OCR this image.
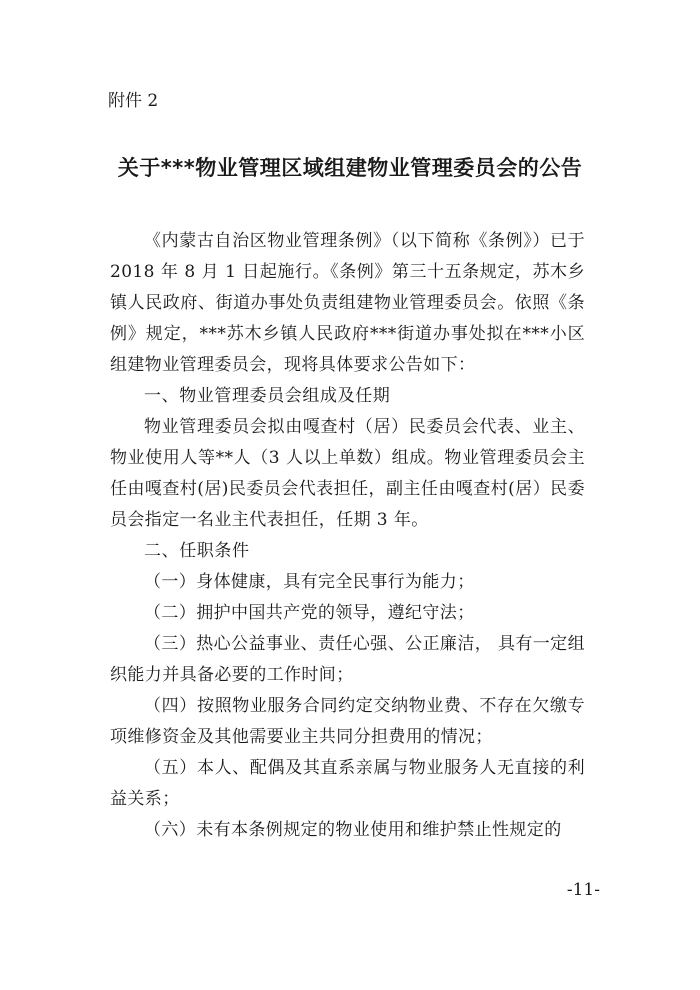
附件 2
关于***物业管理区域组建物业管理委员会的公告

《内蒙古自治区物业管理条例》（以下简称《条例》）已于 2018 年 8 月 1 日起施行。《条例》第三十五条规定，苏木乡镇人民政府、街道办事处负责组建物业管理委员会。依照《条例》规定，***苏木乡镇人民政府***街道办事处拟在***小区组建物业管理委员会，现将具体要求公告如下：

一、物业管理委员会组成及任期

物业管理委员会拟由嘎查村（居）民委员会代表、业主、物业使用人等**人（3 人以上单数）组成。物业管理委员会主任由嘎查村(居)民委员会代表担任，副主任由嘎查村(居）民委员会指定一名业主代表担任，任期 3 年。

二、任职条件

（一）身体健康，具有完全民事行为能力；

（二）拥护中国共产党的领导，遵纪守法；

（三）热心公益事业、责任心强、公正廉洁， 具有一定组织能力并具备必要的工作时间；

（四）按照物业服务合同约定交纳物业费、不存在欠缴专项维修资金及其他需要业主共同分担费用的情况；

（五）本人、配偶及其直系亲属与物业服务人无直接的利益关系；

（六）未有本条例规定的物业使用和维护禁止性规定的

-11-
